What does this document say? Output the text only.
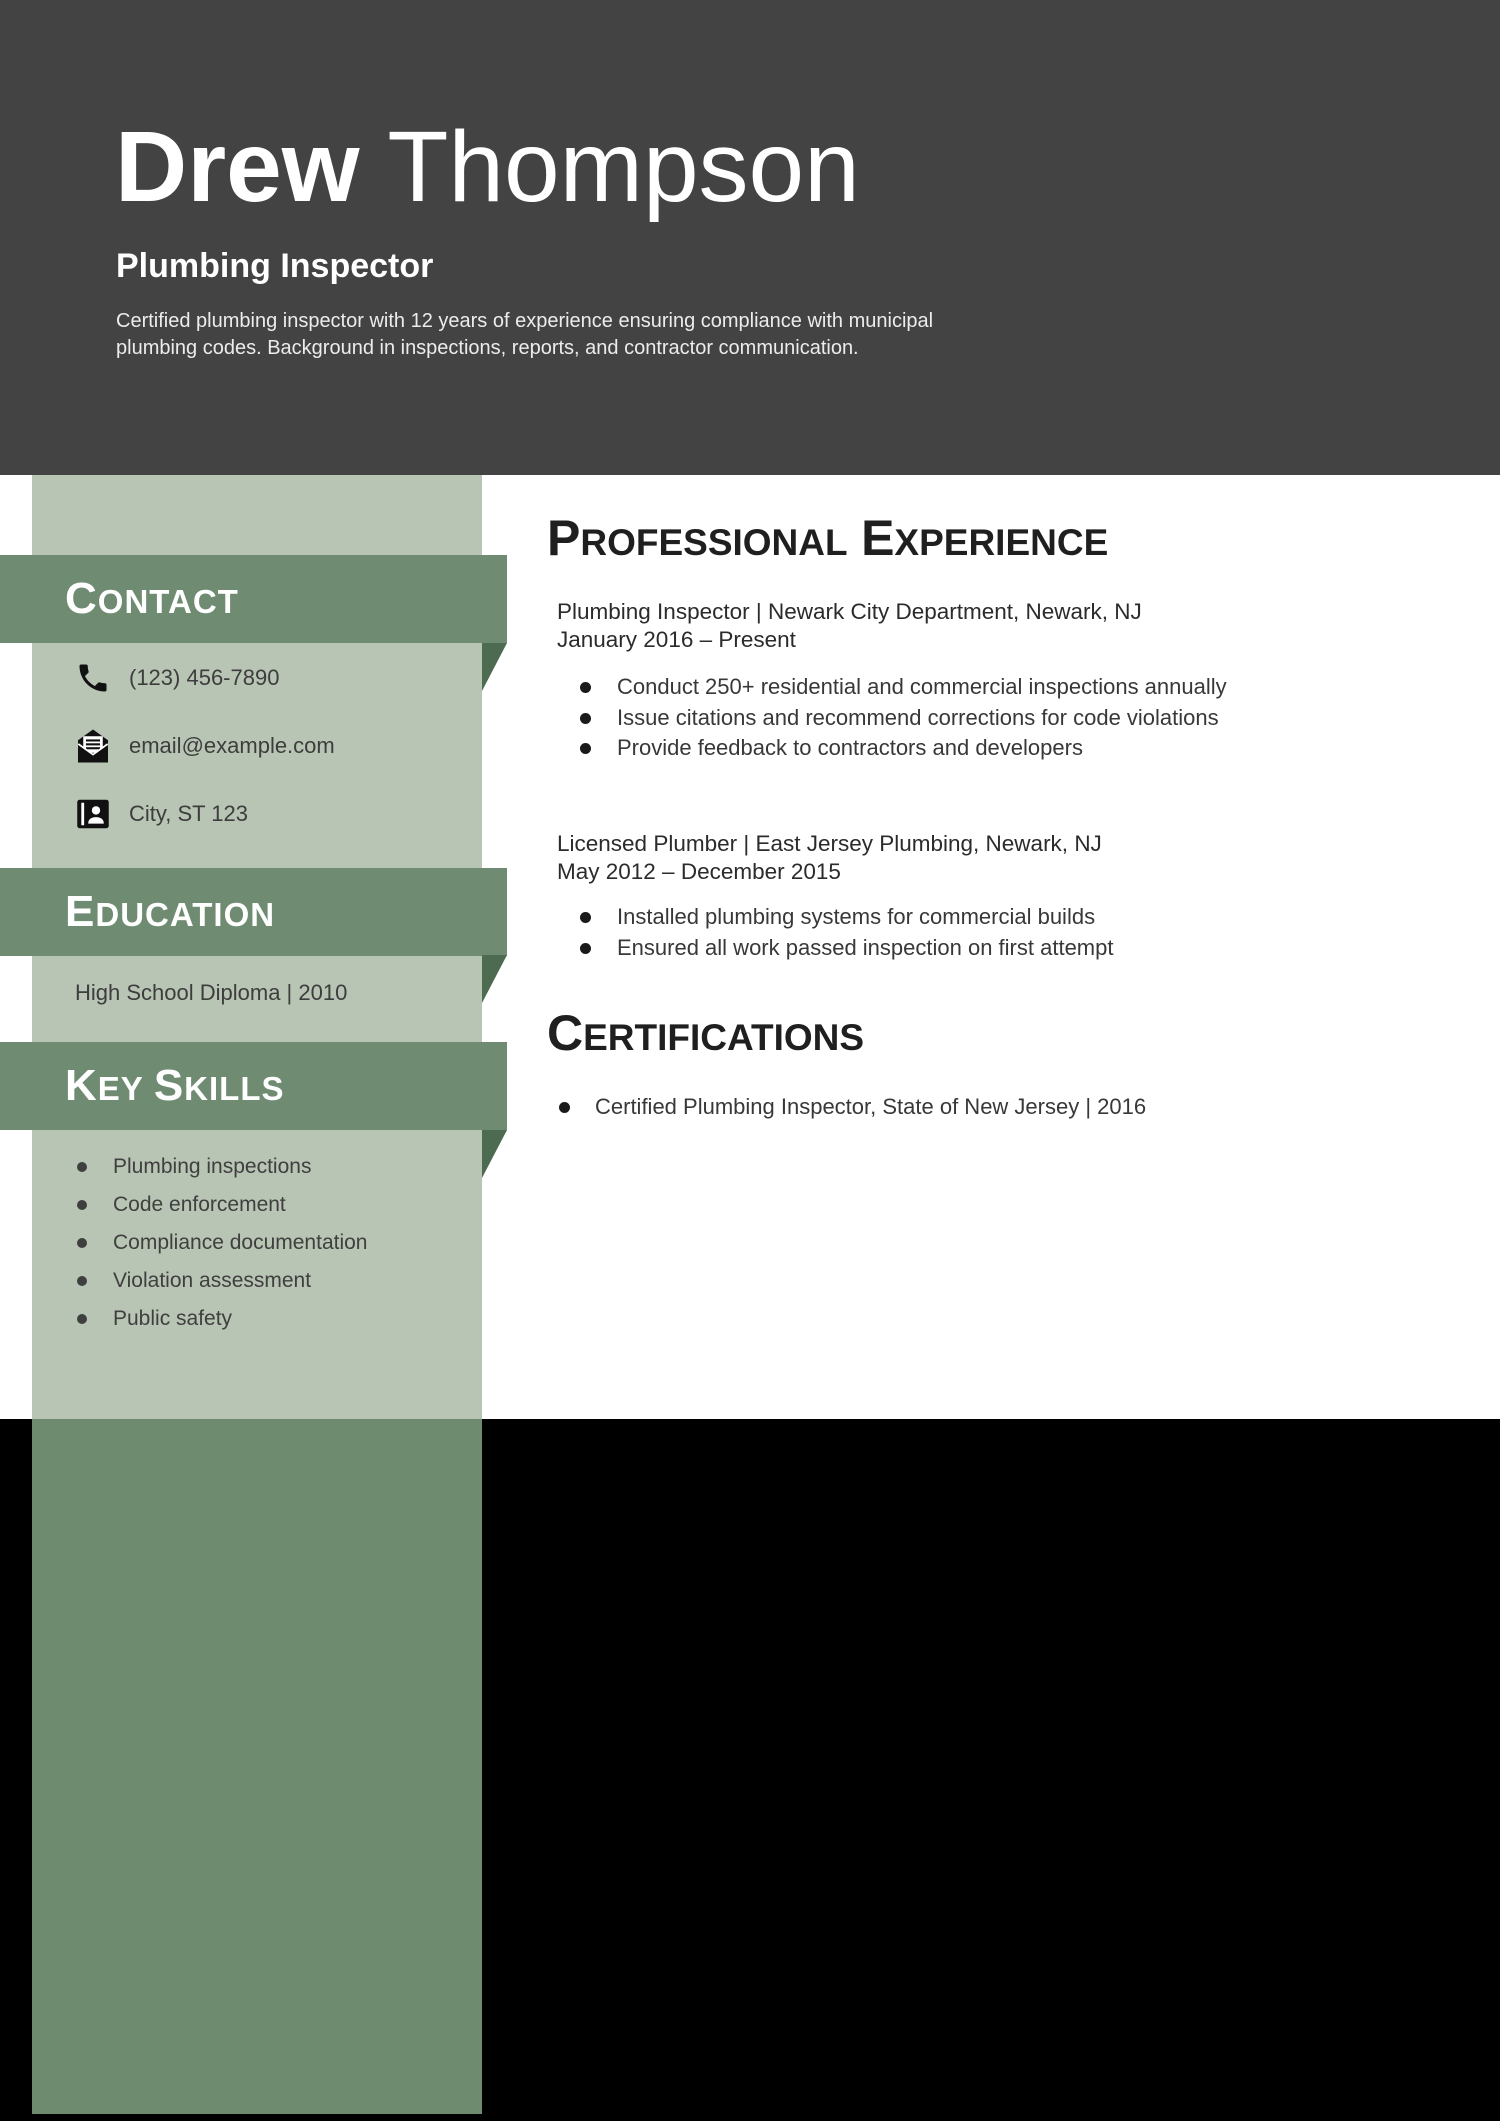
Drew Thompson
Plumbing Inspector
Certified plumbing inspector with 12 years of experience ensuring compliance with municipal plumbing codes. Background in inspections, reports, and contractor communication.
CONTACT
EDUCATION
KEY SKILLS
(123) 456-7890
email@example.com
City, ST 123
High School Diploma | 2010
Plumbing inspections
Code enforcement
Compliance documentation
Violation assessment
Public safety
PROFESSIONAL EXPERIENCE
Plumbing Inspector | Newark City Department, Newark, NJ
January 2016 – Present
Conduct 250+ residential and commercial inspections annually
Issue citations and recommend corrections for code violations
Provide feedback to contractors and developers
Licensed Plumber | East Jersey Plumbing, Newark, NJ
May 2012 – December 2015
Installed plumbing systems for commercial builds
Ensured all work passed inspection on first attempt
CERTIFICATIONS
Certified Plumbing Inspector, State of New Jersey | 2016
